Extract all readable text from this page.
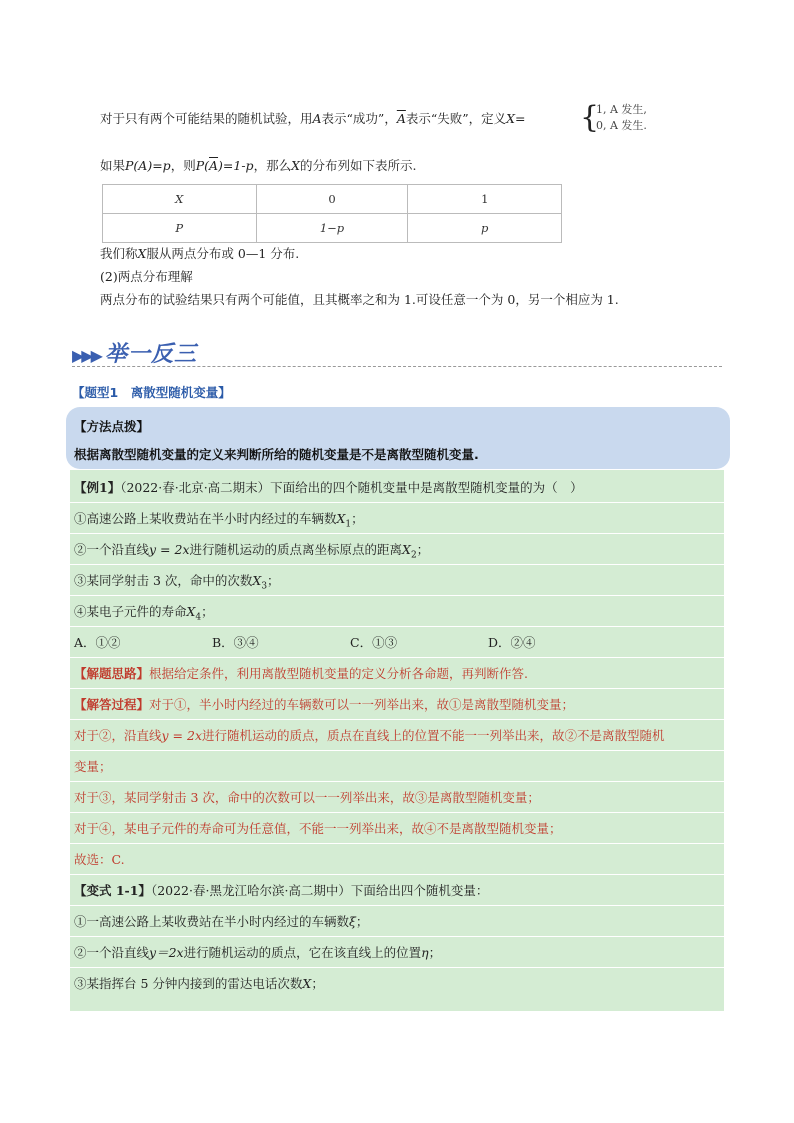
对于只有两个可能结果的随机试验，用A表示“成功”，$\overline{A}$表示“失败”，定义X= {
1, A 发生,
0, A 发生.
如果P(A)=p，则$P(\overline{A})=1-p$，那么X的分布列如下表所示.
X	0	1
P	1−p	p
我们称X服从两点分布或 0—1 分布.
(2)两点分布理解
两点分布的试验结果只有两个可能值，且其概率之和为 1.可设任意一个为 0，另一个相应为 1.
▶▶▶ 举一反三
【题型1　离散型随机变量】
【方法点拨】
根据离散型随机变量的定义来判断所给的随机变量是不是离散型随机变量.
【例1】（2022·春·北京·高二期末）下面给出的四个随机变量中是离散型随机变量的为（　）
①高速公路上某收费站在半小时内经过的车辆数$X_1$；
②一个沿直线y = 2x进行随机运动的质点离坐标原点的距离$X_2$；
③某同学射击 3 次，命中的次数$X_3$；
④某电子元件的寿命$X_4$；
A．①②	B．③④	C．①③	D．②④
【解题思路】根据给定条件，利用离散型随机变量的定义分析各命题，再判断作答.
【解答过程】对于①，半小时内经过的车辆数可以一一列举出来，故①是离散型随机变量；
对于②，沿直线y = 2x进行随机运动的质点，质点在直线上的位置不能一一列举出来，故②不是离散型随机
变量；
对于③，某同学射击 3 次，命中的次数可以一一列举出来，故③是离散型随机变量；
对于④，某电子元件的寿命可为任意值，不能一一列举出来，故④不是离散型随机变量；
故选：C.
【变式 1-1】（2022·春·黑龙江哈尔滨·高二期中）下面给出四个随机变量：
①一高速公路上某收费站在半小时内经过的车辆数ξ；
②一个沿直线y＝2x进行随机运动的质点，它在该直线上的位置η；
③某指挥台 5 分钟内接到的雷达电话次数X；
